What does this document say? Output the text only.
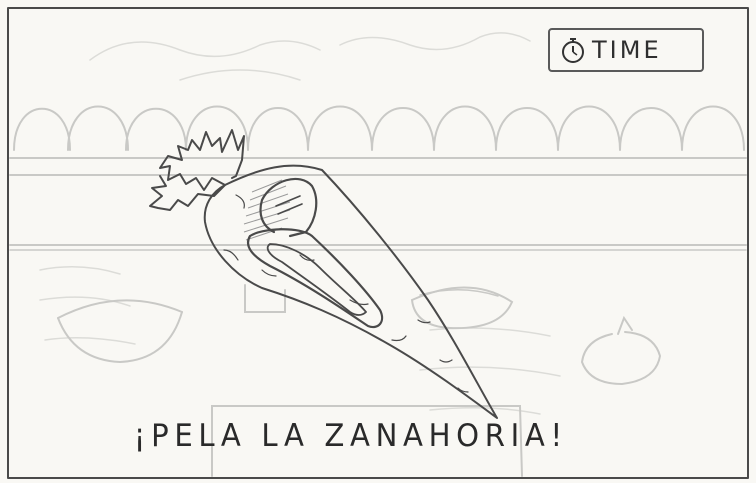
TIME
¡PELA LA ZANAHORIA!
